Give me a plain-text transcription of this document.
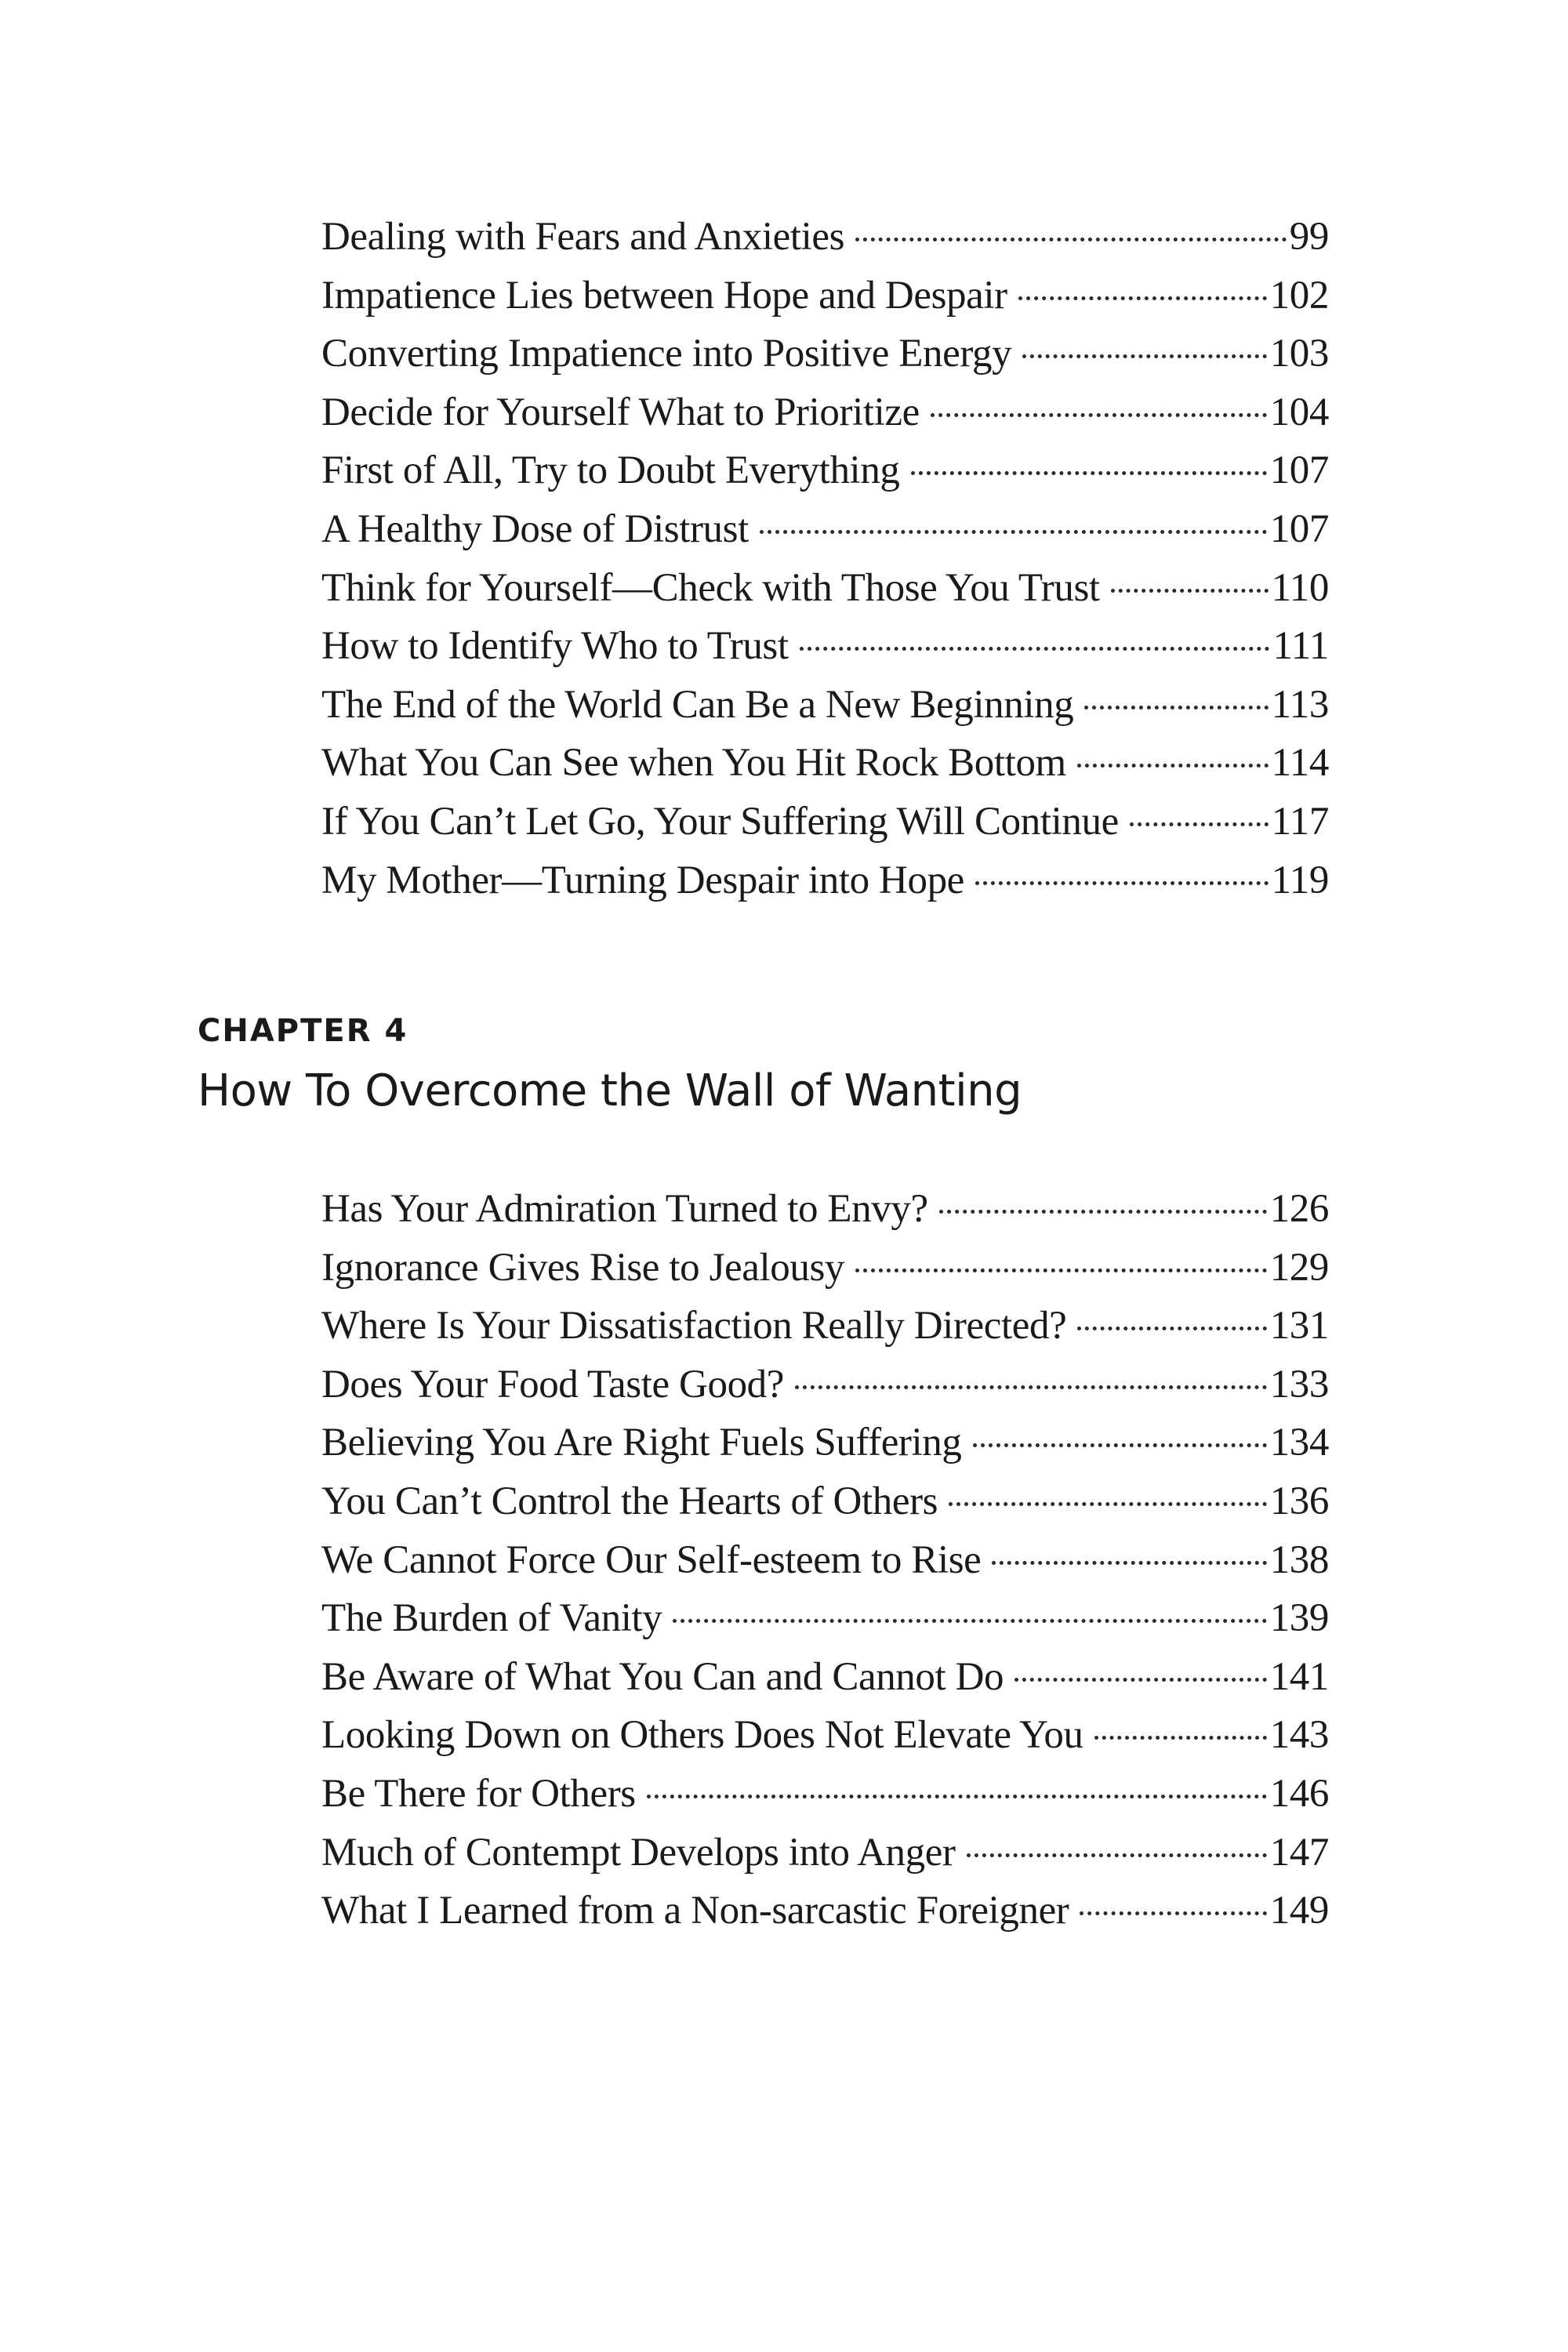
Dealing with Fears and Anxieties	99
Impatience Lies between Hope and Despair	102
Converting Impatience into Positive Energy	103
Decide for Yourself What to Prioritize	104
First of All, Try to Doubt Everything	107
A Healthy Dose of Distrust	107
Think for Yourself—Check with Those You Trust	110
How to Identify Who to Trust	111
The End of the World Can Be a New Beginning	113
What You Can See when You Hit Rock Bottom	114
If You Can’t Let Go, Your Suffering Will Continue	117
My Mother—Turning Despair into Hope	119
CHAPTER 4
How To Overcome the Wall of Wanting
Has Your Admiration Turned to Envy?	126
Ignorance Gives Rise to Jealousy	129
Where Is Your Dissatisfaction Really Directed?	131
Does Your Food Taste Good?	133
Believing You Are Right Fuels Suffering	134
You Can’t Control the Hearts of Others	136
We Cannot Force Our Self-esteem to Rise	138
The Burden of Vanity	139
Be Aware of What You Can and Cannot Do	141
Looking Down on Others Does Not Elevate You	143
Be There for Others	146
Much of Contempt Develops into Anger	147
What I Learned from a Non-sarcastic Foreigner	149
